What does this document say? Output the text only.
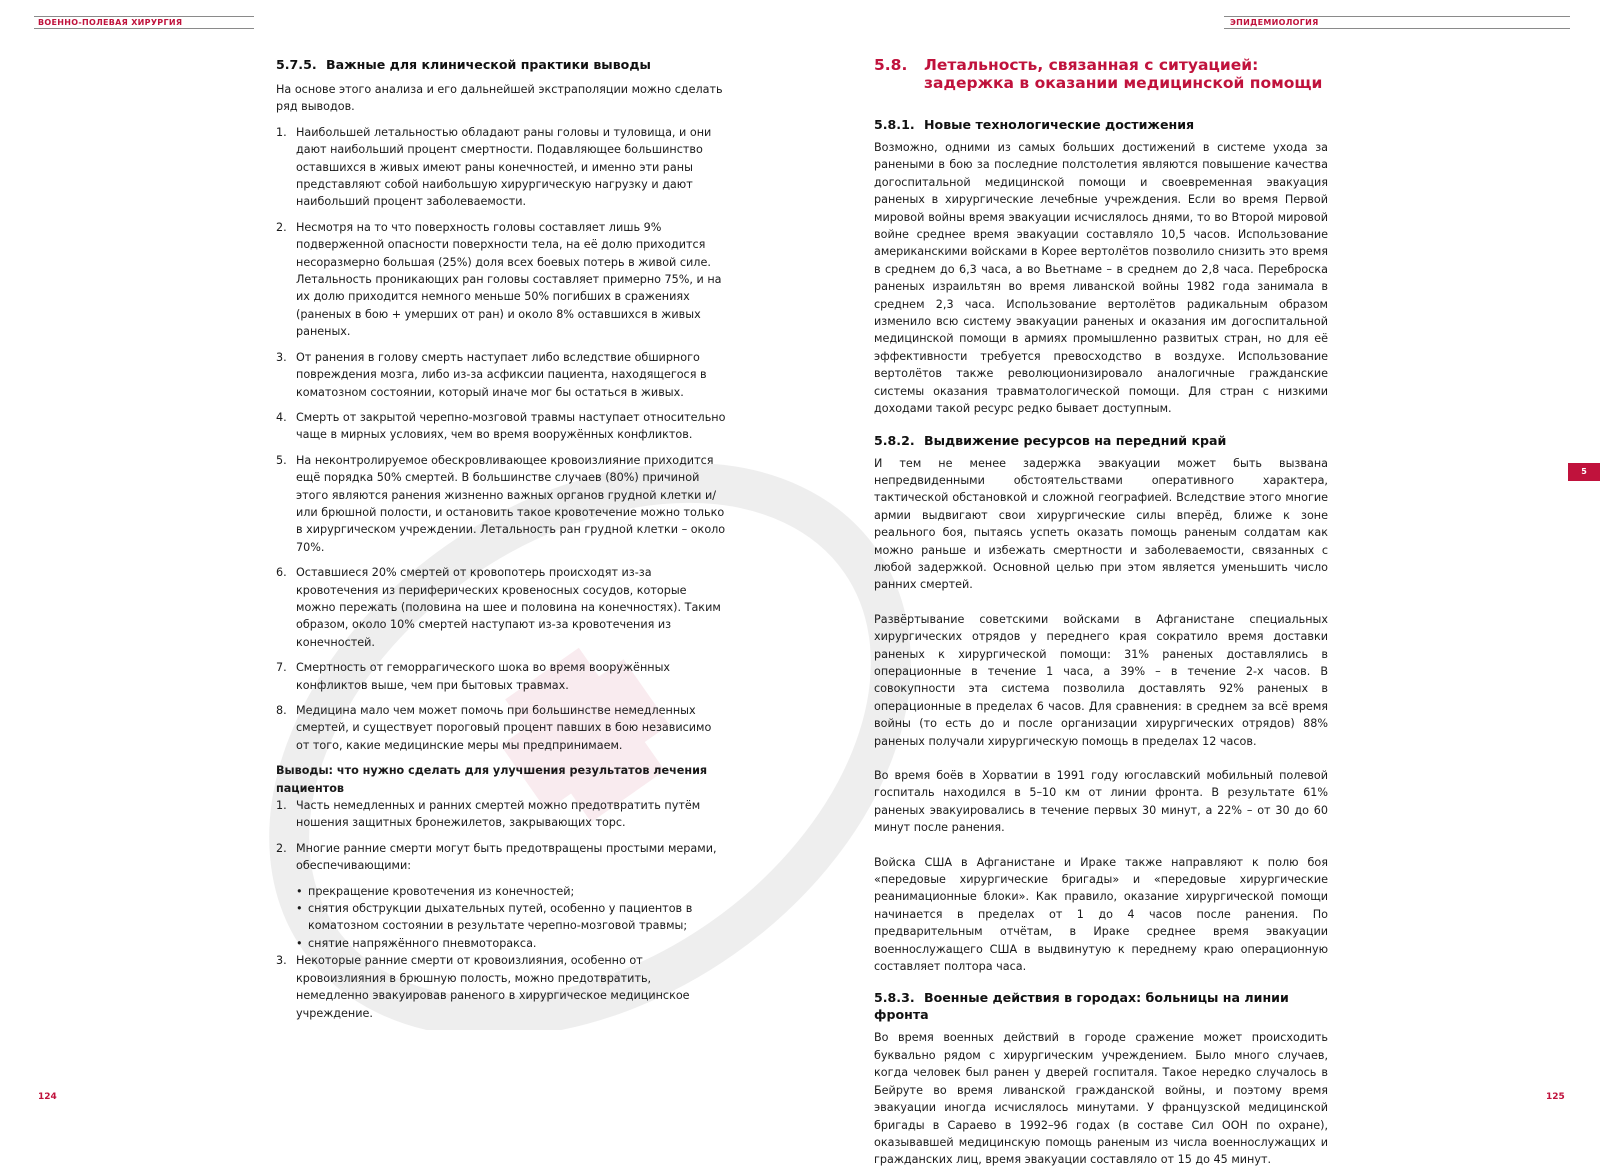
ВОЕННО-ПОЛЕВАЯ ХИРУРГИЯ	ЭПИДЕМИОЛОГИЯ
5
5.7.5. Важные для клинической практики выводы

На основе этого анализа и его дальнейшей экстраполяции можно сделать ряд выводов.

1. Наибольшей летальностью обладают раны головы и туловища, и они дают наибольший процент смертности. Подавляющее большинство оставшихся в живых имеют раны конечностей, и именно эти раны представляют собой наибольшую хирургическую нагрузку и дают наибольший процент заболеваемости.
2. Несмотря на то что поверхность головы составляет лишь 9% подверженной опасности поверхности тела, на её долю приходится несоразмерно большая (25%) доля всех боевых потерь в живой силе. Летальность проникающих ран головы составляет примерно 75%, и на их долю приходится немного меньше 50% погибших в сражениях (раненых в бою + умерших от ран) и около 8% оставшихся в живых раненых.
3. От ранения в голову смерть наступает либо вследствие обширного повреждения мозга, либо из-за асфиксии пациента, находящегося в коматозном состоянии, который иначе мог бы остаться в живых.
4. Смерть от закрытой черепно-мозговой травмы наступает относительно чаще в мирных условиях, чем во время вооружённых конфликтов.
5. На неконтролируемое обескровливающее кровоизлияние приходится ещё порядка 50% смертей. В большинстве случаев (80%) причиной этого являются ранения жизненно важных органов грудной клетки и/или брюшной полости, и остановить такое кровотечение можно только в хирургическом учреждении. Летальность ран грудной клетки – около 70%.
6. Оставшиеся 20% смертей от кровопотерь происходят из-за кровотечения из периферических кровеносных сосудов, которые можно пережать (половина на шее и половина на конечностях). Таким образом, около 10% смертей наступают из-за кровотечения из конечностей.
7. Смертность от геморрагического шока во время вооружённых конфликтов выше, чем при бытовых травмах.
8. Медицина мало чем может помочь при большинстве немедленных смертей, и существует пороговый процент павших в бою независимо от того, какие медицинские меры мы предпринимаем.

Выводы: что нужно сделать для улучшения результатов лечения пациентов

1. Часть немедленных и ранних смертей можно предотвратить путём ношения защитных бронежилетов, закрывающих торс.
2. Многие ранние смерти могут быть предотвращены простыми мерами, обеспечивающими:
• прекращение кровотечения из конечностей;
• снятия обструкции дыхательных путей, особенно у пациентов в коматозном состоянии в результате черепно-мозговой травмы;
• снятие напряжённого пневмоторакса.
3. Некоторые ранние смерти от кровоизлияния, особенно от кровоизлияния в брюшную полость, можно предотвратить, немедленно эвакуировав раненого в хирургическое медицинское учреждение.
5.8.	Летальность, связанная с ситуацией: задержка в оказании медицинской помощи
5.8.1. Новые технологические достижения

Возможно, одними из самых больших достижений в системе ухода за ранеными в бою за последние полстолетия являются повышение качества догоспитальной медицинской помощи и своевременная эвакуация раненых в хирургические лечебные учреждения. Если во время Первой мировой войны время эвакуации исчислялось днями, то во Второй мировой войне среднее время эвакуации составляло 10,5 часов. Использование американскими войсками в Корее вертолётов позволило снизить это время в среднем до 6,3 часа, а во Вьетнаме – в среднем до 2,8 часа. Переброска раненых израильтян во время ливанской войны 1982 года занимала в среднем 2,3 часа. Использование вертолётов радикальным образом изменило всю систему эвакуации раненых и оказания им догоспитальной медицинской помощи в армиях промышленно развитых стран, но для её эффективности требуется превосходство в воздухе. Использование вертолётов также революционизировало аналогичные гражданские системы оказания травматологической помощи. Для стран с низкими доходами такой ресурс редко бывает доступным.

5.8.2. Выдвижение ресурсов на передний край

И тем не менее задержка эвакуации может быть вызвана непредвиденными обстоятельствами оперативного характера, тактической обстановкой и сложной географией. Вследствие этого многие армии выдвигают свои хирургические силы вперёд, ближе к зоне реального боя, пытаясь успеть оказать помощь раненым солдатам как можно раньше и избежать смертности и заболеваемости, связанных с любой задержкой. Основной целью при этом является уменьшить число ранних смертей.

Развёртывание советскими войсками в Афганистане специальных хирургических отрядов у переднего края сократило время доставки раненых к хирургической помощи: 31% раненых доставлялись в операционные в течение 1 часа, а 39% – в течение 2-х часов. В совокупности эта система позволила доставлять 92% раненых в операционные в пределах 6 часов. Для сравнения: в среднем за всё время войны (то есть до и после организации хирургических отрядов) 88% раненых получали хирургическую помощь в пределах 12 часов.

Во время боёв в Хорватии в 1991 году югославский мобильный полевой госпиталь находился в 5–10 км от линии фронта. В результате 61% раненых эвакуировались в течение первых 30 минут, а 22% – от 30 до 60 минут после ранения.

Войска США в Афганистане и Ираке также направляют к полю боя «передовые хирургические бригады» и «передовые хирургические реанимационные блоки». Как правило, оказание хирургической помощи начинается в пределах от 1 до 4 часов после ранения. По предварительным отчётам, в Ираке среднее время эвакуации военнослужащего США в выдвинутую к переднему краю операционную составляет полтора часа.

5.8.3. Военные действия в городах: больницы на линии фронта

Во время военных действий в городе сражение может происходить буквально рядом с хирургическим учреждением. Было много случаев, когда человек был ранен у дверей госпиталя. Такое нередко случалось в Бейруте во время ливанской гражданской войны, и поэтому время эвакуации иногда исчислялось минутами. У французской медицинской бригады в Сараево в 1992–96 годах (в составе Сил ООН по охране), оказывавшей медицинскую помощь раненым из числа военнослужащих и гражданских лиц, время эвакуации составляло от 15 до 45 минут.

124	125
